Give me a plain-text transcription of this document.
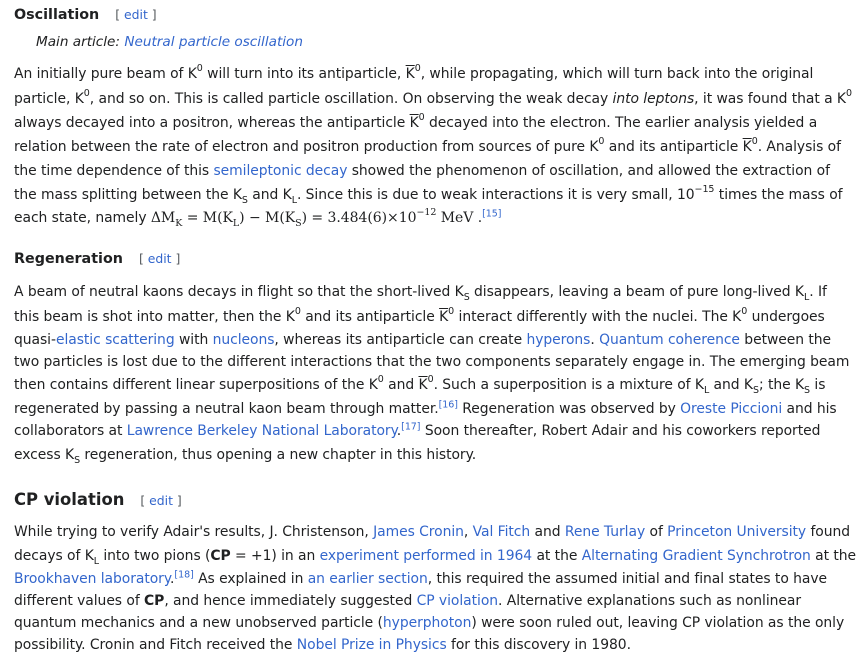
Oscillation [ edit ]
Main article: Neutral particle oscillation
An initially pure beam of $K^0$ will turn into its antiparticle, $\overline{K}^0$, while propagating, which will turn back into the original
particle, $K^0$, and so on. This is called particle oscillation. On observing the weak decay into leptons, it was found that a $K^0$
always decayed into a positron, whereas the antiparticle $\overline{K}^0$ decayed into the electron. The earlier analysis yielded a
relation between the rate of electron and positron production from sources of pure $K^0$ and its antiparticle $\overline{K}^0$. Analysis of
the time dependence of this semileptonic decay showed the phenomenon of oscillation, and allowed the extraction of
the mass splitting between the $K_S$ and $K_L$. Since this is due to weak interactions it is very small, $10^{-15}$ times the mass of
each state, namely $\Delta M_K = M(K_L) - M(K_S) = 3.484(6)\times 10^{-12}$ MeV .[15]
Regeneration [ edit ]
A beam of neutral kaons decays in flight so that the short-lived $K_S$ disappears, leaving a beam of pure long-lived $K_L$. If
this beam is shot into matter, then the $K^0$ and its antiparticle $\overline{K}^0$ interact differently with the nuclei. The $K^0$ undergoes
quasi-elastic scattering with nucleons, whereas its antiparticle can create hyperons. Quantum coherence between the
two particles is lost due to the different interactions that the two components separately engage in. The emerging beam
then contains different linear superpositions of the $K^0$ and $\overline{K}^0$. Such a superposition is a mixture of $K_L$ and $K_S$; the $K_S$ is
regenerated by passing a neutral kaon beam through matter.[16] Regeneration was observed by Oreste Piccioni and his
collaborators at Lawrence Berkeley National Laboratory.[17] Soon thereafter, Robert Adair and his coworkers reported
excess $K_S$ regeneration, thus opening a new chapter in this history.
CP violation [ edit ]
While trying to verify Adair's results, J. Christenson, James Cronin, Val Fitch and Rene Turlay of Princeton University found
decays of $K_L$ into two pions (CP = +1) in an experiment performed in 1964 at the Alternating Gradient Synchrotron at the
Brookhaven laboratory.[18] As explained in an earlier section, this required the assumed initial and final states to have
different values of CP, and hence immediately suggested CP violation. Alternative explanations such as nonlinear
quantum mechanics and a new unobserved particle (hyperphoton) were soon ruled out, leaving CP violation as the only
possibility. Cronin and Fitch received the Nobel Prize in Physics for this discovery in 1980.
